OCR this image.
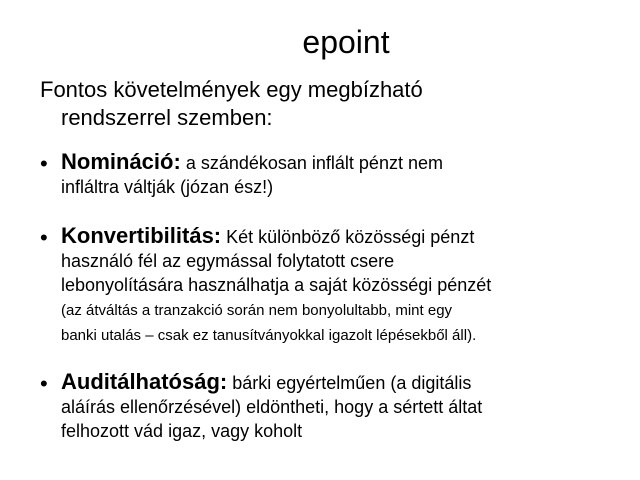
epoint
Fontos követelmények egy megbízható
rendszerrel szemben:
• Nomináció: a szándékosan inflált pénzt nem
infláltra váltják (józan ész!)
• Konvertibilitás: Két különböző közösségi pénzt
használó fél az egymással folytatott csere
lebonyolítására használhatja a saját közösségi pénzét
(az átváltás a tranzakció során nem bonyolultabb, mint egy
banki utalás – csak ez tanusítványokkal igazolt lépésekből áll).
• Auditálhatóság: bárki egyértelműen (a digitális
aláírás ellenőrzésével) eldöntheti, hogy a sértett áltat
felhozott vád igaz, vagy koholt
